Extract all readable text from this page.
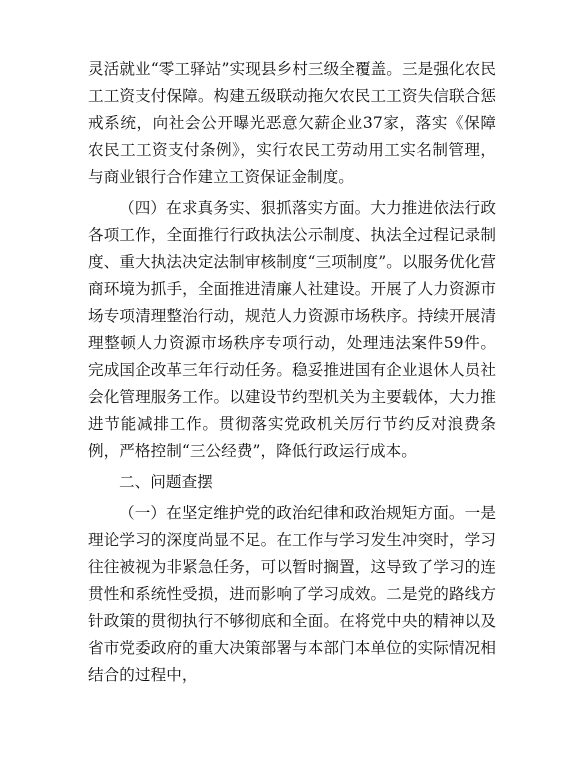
灵活就业“零工驿站”实现县乡村三级全覆盖。三是强化农民工工资支付保障。构建五级联动拖欠农民工工资失信联合惩戒系统，向社会公开曝光恶意欠薪企业37家，落实《保障农民工工资支付条例》，实行农民工劳动用工实名制管理，与商业银行合作建立工资保证金制度。

（四）在求真务实、狠抓落实方面。大力推进依法行政各项工作，全面推行行政执法公示制度、执法全过程记录制度、重大执法决定法制审核制度“三项制度”。以服务优化营商环境为抓手，全面推进清廉人社建设。开展了人力资源市场专项清理整治行动，规范人力资源市场秩序。持续开展清理整顿人力资源市场秩序专项行动，处理违法案件59件。完成国企改革三年行动任务。稳妥推进国有企业退休人员社会化管理服务工作。以建设节约型机关为主要载体，大力推进节能减排工作。贯彻落实党政机关厉行节约反对浪费条例，严格控制“三公经费”，降低行政运行成本。

二、问题查摆

（一）在坚定维护党的政治纪律和政治规矩方面。一是理论学习的深度尚显不足。在工作与学习发生冲突时，学习往往被视为非紧急任务，可以暂时搁置，这导致了学习的连贯性和系统性受损，进而影响了学习成效。二是党的路线方针政策的贯彻执行不够彻底和全面。在将党中央的精神以及省市党委政府的重大决策部署与本部门本单位的实际情况相结合的过程中，
